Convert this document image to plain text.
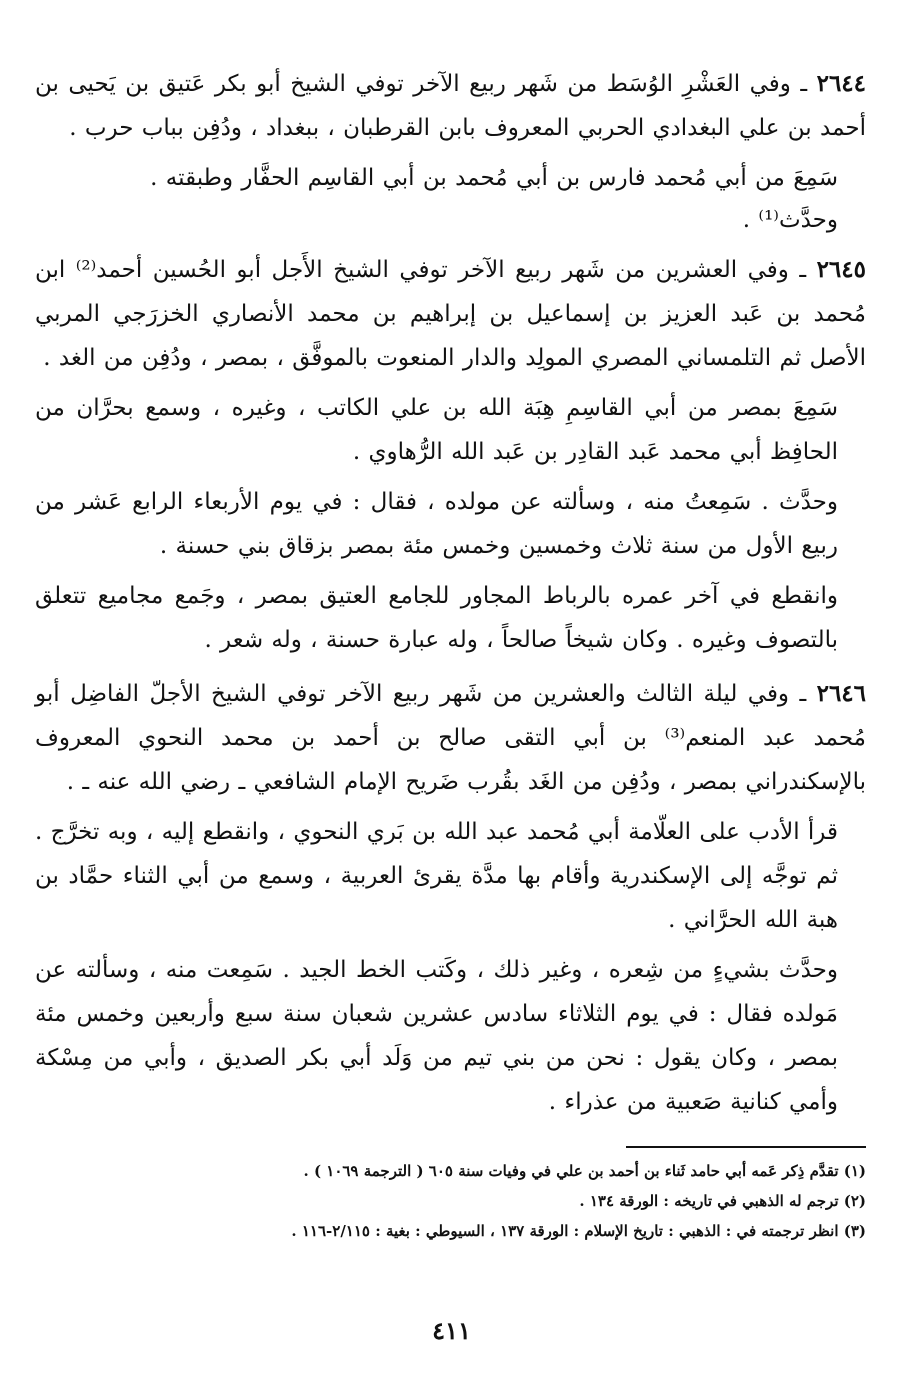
٢٦٤٤ ـ وفي العَشْرِ الوُسَط من شَهر ربيع الآخر توفي الشيخ أبو بكر عَتيق بن يَحيى بن أحمد بن علي البغدادي الحربي المعروف بابن القرطبان ، ببغداد ، ودُفِن بباب حرب .

سَمِعَ من أبي مُحمد فارس بن أبي مُحمد بن أبي القاسِم الحفَّار وطبقته .

وحدَّث⁽¹⁾ .

٢٦٤٥ ـ وفي العشرين من شَهر ربيع الآخر توفي الشيخ الأَجل أبو الحُسين أحمد⁽²⁾ ابن مُحمد بن عَبد العزيز بن إسماعيل بن إبراهيم بن محمد الأنصاري الخزرَجي المربي الأصل ثم التلمساني المصري المولِد والدار المنعوت بالموفَّق ، بمصر ، ودُفِن من الغد .

سَمِعَ بمصر من أبي القاسِمِ هِبَة الله بن علي الكاتب ، وغيره ، وسمع بحرَّان من الحافِظ أبي محمد عَبد القادِر بن عَبد الله الرُّهاوي .

وحدَّث . سَمِعتُ منه ، وسألته عن مولده ، فقال : في يوم الأربعاء الرابع عَشر من ربيع الأول من سنة ثلاث وخمسين وخمس مئة بمصر بزقاق بني حسنة .

وانقطع في آخر عمره بالرباط المجاور للجامع العتيق بمصر ، وجَمع مجاميع تتعلق بالتصوف وغيره . وكان شيخاً صالحاً ، وله عبارة حسنة ، وله شعر .

٢٦٤٦ ـ وفي ليلة الثالث والعشرين من شَهر ربيع الآخر توفي الشيخ الأجلّ الفاضِل أبو مُحمد عبد المنعم⁽³⁾ بن أبي التقى صالح بن أحمد بن محمد النحوي المعروف بالإسكندراني بمصر ، ودُفِن من الغَد بقُرب ضَريح الإمام الشافعي ـ رضي الله عنه ـ .

قرأ الأدب على العلّامة أبي مُحمد عبد الله بن بَري النحوي ، وانقطع إليه ، وبه تخرَّج . ثم توجَّه إلى الإسكندرية وأقام بها مدَّة يقرئ العربية ، وسمع من أبي الثناء حمَّاد بن هبة الله الحرَّاني .

وحدَّث بشيءٍ من شِعره ، وغير ذلك ، وكَتب الخط الجيد . سَمِعت منه ، وسألته عن مَولده فقال : في يوم الثلاثاء سادس عشرين شعبان سنة سبع وأربعين وخمس مئة بمصر ، وكان يقول : نحن من بني تيم من وَلَد أبي بكر الصديق ، وأبي من مِسْكة وأمي كنانية صَعبية من عذراء .

(١) تقدَّم ذِكر عَمه أبي حامد ثَناء بن أحمد بن علي في وفيات سنة ٦٠٥ ( الترجمة ١٠٦٩ ) .

(٢) ترجم له الذهبي في تاريخه : الورقة ١٣٤ .

(٣) انظر ترجمته في : الذهبي : تاريخ الإسلام : الورقة ١٣٧ ، السيوطي : بغية : ٢/١١٥-١١٦ .

٤١١
